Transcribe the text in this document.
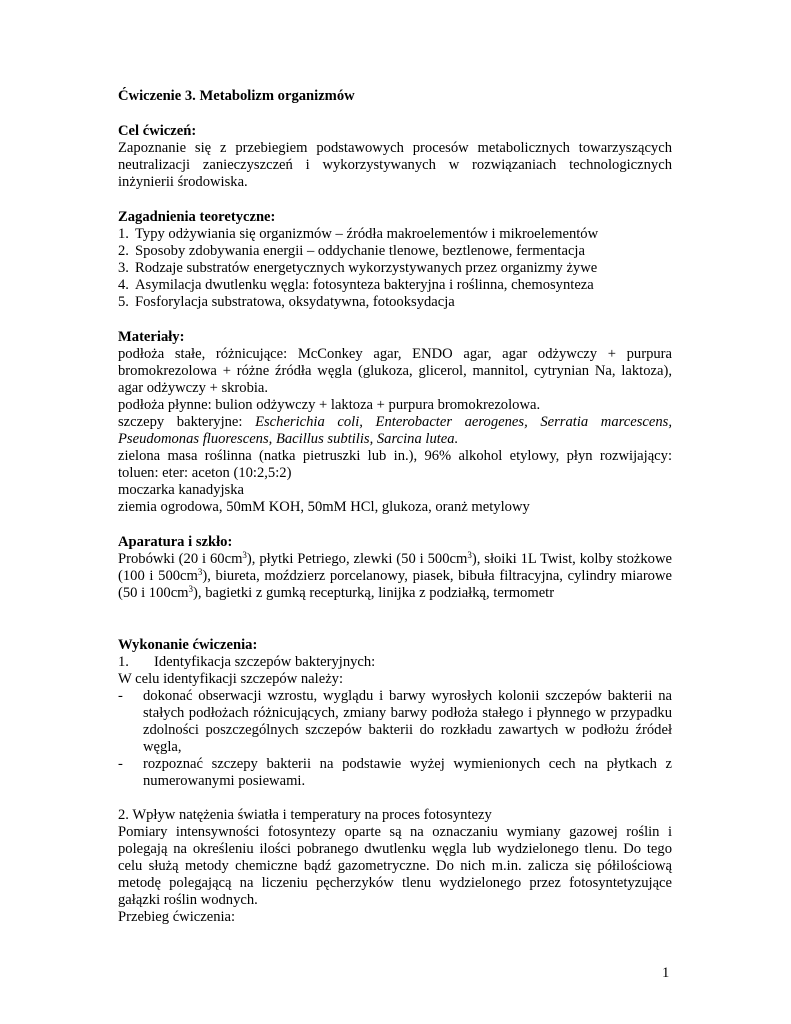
Ćwiczenie 3. Metabolizm organizmów

Cel ćwiczeń:

Zapoznanie się z przebiegiem podstawowych procesów metabolicznych towarzyszących neutralizacji zanieczyszczeń i wykorzystywanych w rozwiązaniach technologicznych inżynierii środowiska.

Zagadnienia teoretyczne:

1. Typy odżywiania się organizmów – źródła makroelementów i mikroelementów
2. Sposoby zdobywania energii – oddychanie tlenowe, beztlenowe, fermentacja
3. Rodzaje substratów energetycznych wykorzystywanych przez organizmy żywe
4. Asymilacja dwutlenku węgla: fotosynteza bakteryjna i roślinna, chemosynteza
5. Fosforylacja substratowa, oksydatywna, fotooksydacja

Materiały:

podłoża stałe, różnicujące: McConkey agar, ENDO agar, agar odżywczy + purpura bromokrezolowa + różne źródła węgla (glukoza, glicerol, mannitol, cytrynian Na, laktoza), agar odżywczy + skrobia.

podłoża płynne: bulion odżywczy + laktoza + purpura bromokrezolowa.

szczepy bakteryjne: Escherichia coli, Enterobacter aerogenes, Serratia marcescens, Pseudomonas fluorescens, Bacillus subtilis, Sarcina lutea.

zielona masa roślinna (natka pietruszki lub in.), 96% alkohol etylowy, płyn rozwijający: toluen: eter: aceton (10:2,5:2)

moczarka kanadyjska

ziemia ogrodowa, 50mM KOH, 50mM HCl, glukoza, oranż metylowy

Aparatura i szkło:

Probówki (20 i $60cm^3$), płytki Petriego, zlewki (50 i $500cm^3$), słoiki 1L Twist, kolby stożkowe (100 i $500cm^3$), biureta, moździerz porcelanowy, piasek, bibuła filtracyjna, cylindry miarowe (50 i $100cm^3$), bagietki z gumką recepturką, linijka z podziałką, termometr

Wykonanie ćwiczenia:

1. Identyfikacja szczepów bakteryjnych:

W celu identyfikacji szczepów należy:

- dokonać obserwacji wzrostu, wyglądu i barwy wyrosłych kolonii szczepów bakterii na stałych podłożach różnicujących, zmiany barwy podłoża stałego i płynnego w przypadku zdolności poszczególnych szczepów bakterii do rozkładu zawartych w podłożu źródeł węgla,
- rozpoznać szczepy bakterii na podstawie wyżej wymienionych cech na płytkach z numerowanymi posiewami.

2. Wpływ natężenia światła i temperatury na proces fotosyntezy

Pomiary intensywności fotosyntezy oparte są na oznaczaniu wymiany gazowej roślin i polegają na określeniu ilości pobranego dwutlenku węgla lub wydzielonego tlenu. Do tego celu służą metody chemiczne bądź gazometryczne. Do nich m.in. zalicza się półilościową metodę polegającą na liczeniu pęcherzyków tlenu wydzielonego przez fotosyntetyzujące gałązki roślin wodnych.

Przebieg ćwiczenia:

1
